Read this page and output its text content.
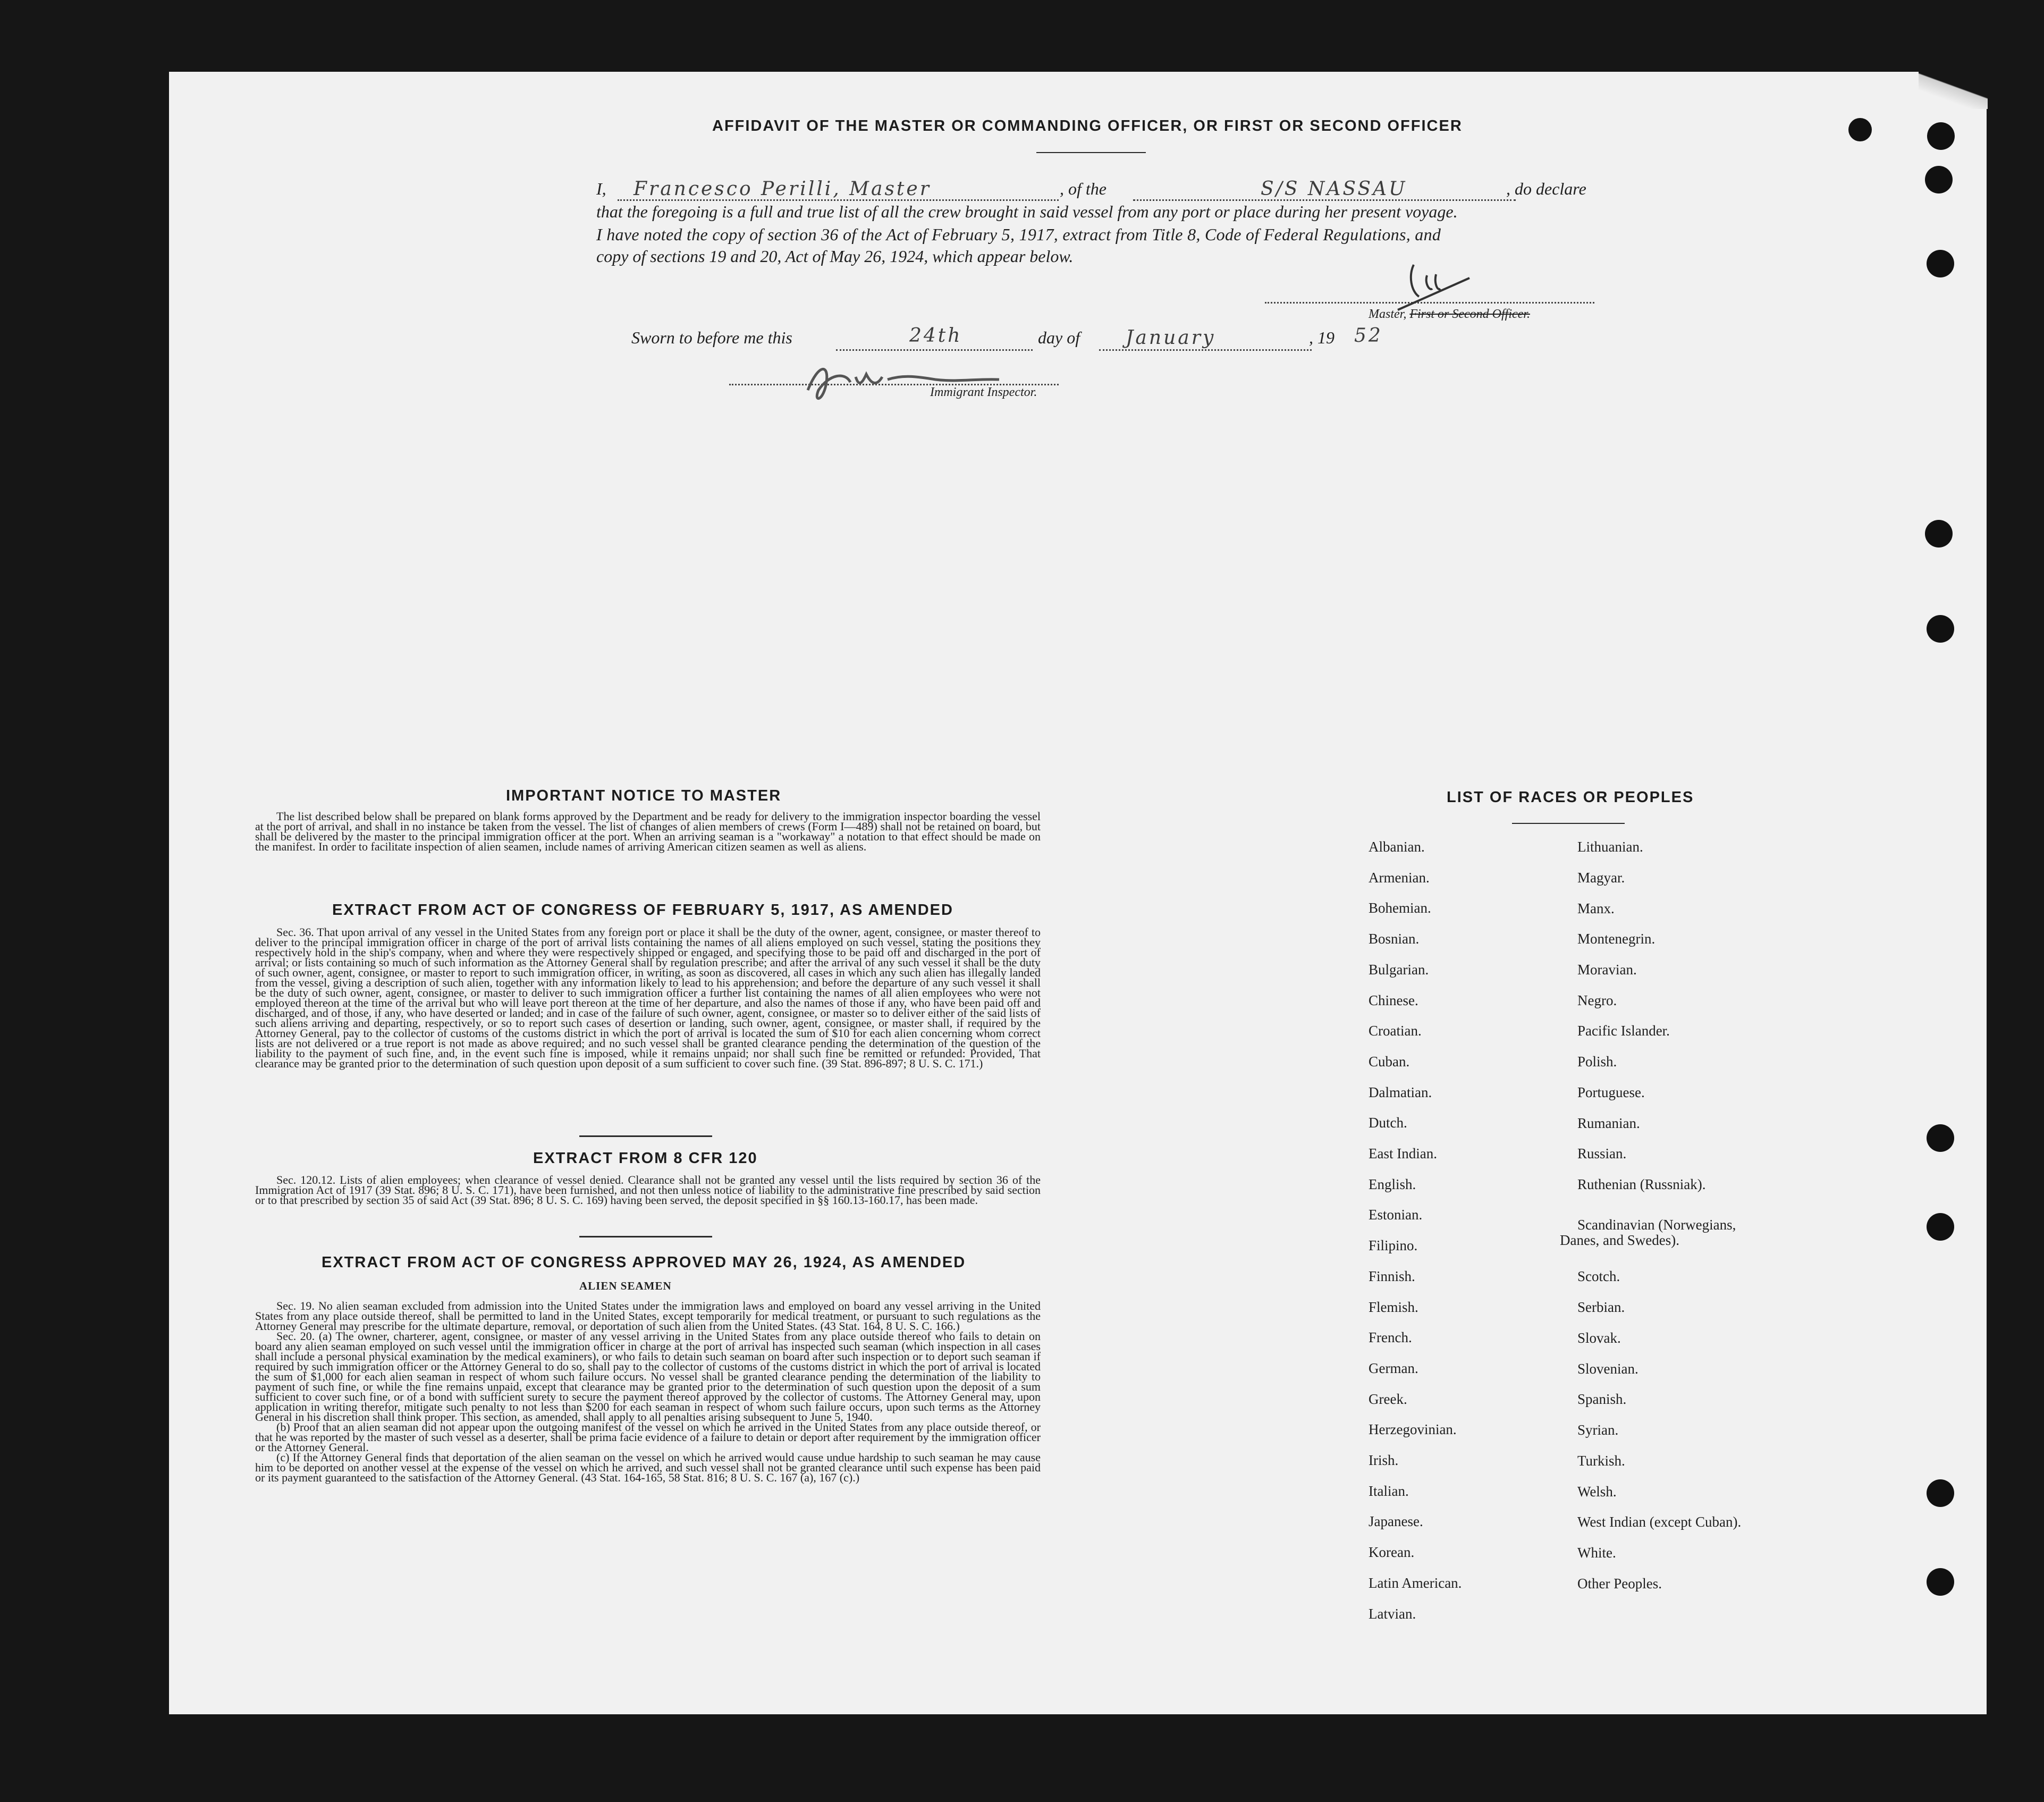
AFFIDAVIT OF THE MASTER OR COMMANDING OFFICER, OR FIRST OR SECOND OFFICER
I, Francesco Perilli, Master	, of the	S/S NASSAU	, do declare
that the foregoing is a full and true list of all the crew brought in said vessel from any port or place during her present voyage.
I have noted the copy of section 36 of the Act of February 5, 1917, extract from Title 8, Code of Federal Regulations, and
copy of sections 19 and 20, Act of May 26, 1924, which appear below.
Master, First or Second Officer.
Sworn to before me this	24th	day of January	, 19 52
Immigrant Inspector.
IMPORTANT NOTICE TO MASTER

The list described below shall be prepared on blank forms approved by the Department and be ready for delivery to the immigration inspector boarding the vessel at the port of arrival, and shall in no instance be taken from the vessel. The list of changes of alien members of crews (Form I—489) shall not be retained on board, but shall be delivered by the master to the principal immigration officer at the port. When an arriving seaman is a "workaway" a notation to that effect should be made on the manifest. In order to facilitate inspection of alien seamen, include names of arriving American citizen seamen as well as aliens.

EXTRACT FROM ACT OF CONGRESS OF FEBRUARY 5, 1917, AS AMENDED

Sec. 36. That upon arrival of any vessel in the United States from any foreign port or place it shall be the duty of the owner, agent, consignee, or master thereof to deliver to the principal immigration officer in charge of the port of arrival lists containing the names of all aliens employed on such vessel, stating the positions they respectively hold in the ship's company, when and where they were respectively shipped or engaged, and specifying those to be paid off and discharged in the port of arrival; or lists containing so much of such information as the Attorney General shall by regulation prescribe; and after the arrival of any such vessel it shall be the duty of such owner, agent, consignee, or master to report to such immigration officer, in writing, as soon as discovered, all cases in which any such alien has illegally landed from the vessel, giving a description of such alien, together with any information likely to lead to his apprehension; and before the departure of any such vessel it shall be the duty of such owner, agent, consignee, or master to deliver to such immigration officer a further list containing the names of all alien employees who were not employed thereon at the time of the arrival but who will leave port thereon at the time of her departure, and also the names of those if any, who have been paid off and discharged, and of those, if any, who have deserted or landed; and in case of the failure of such owner, agent, consignee, or master so to deliver either of the said lists of such aliens arriving and departing, respectively, or so to report such cases of desertion or landing, such owner, agent, consignee, or master shall, if required by the Attorney General, pay to the collector of customs of the customs district in which the port of arrival is located the sum of $10 for each alien concerning whom correct lists are not delivered or a true report is not made as above required; and no such vessel shall be granted clearance pending the determination of the question of the liability to the payment of such fine, and, in the event such fine is imposed, while it remains unpaid; nor shall such fine be remitted or refunded: Provided, That clearance may be granted prior to the determination of such question upon deposit of a sum sufficient to cover such fine. (39 Stat. 896-897; 8 U. S. C. 171.)

EXTRACT FROM 8 CFR 120

Sec. 120.12. Lists of alien employees; when clearance of vessel denied. Clearance shall not be granted any vessel until the lists required by section 36 of the Immigration Act of 1917 (39 Stat. 896; 8 U. S. C. 171), have been furnished, and not then unless notice of liability to the administrative fine prescribed by said section or to that prescribed by section 35 of said Act (39 Stat. 896; 8 U. S. C. 169) having been served, the deposit specified in §§ 160.13-160.17, has been made.

EXTRACT FROM ACT OF CONGRESS APPROVED MAY 26, 1924, AS AMENDED
ALIEN SEAMEN

Sec. 19. No alien seaman excluded from admission into the United States under the immigration laws and employed on board any vessel arriving in the United States from any place outside thereof, shall be permitted to land in the United States, except temporarily for medical treatment, or pursuant to such regulations as the Attorney General may prescribe for the ultimate departure, removal, or deportation of such alien from the United States. (43 Stat. 164, 8 U. S. C. 166.)

Sec. 20. (a) The owner, charterer, agent, consignee, or master of any vessel arriving in the United States from any place outside thereof who fails to detain on board any alien seaman employed on such vessel until the immigration officer in charge at the port of arrival has inspected such seaman (which inspection in all cases shall include a personal physical examination by the medical examiners), or who fails to detain such seaman on board after such inspection or to deport such seaman if required by such immigration officer or the Attorney General to do so, shall pay to the collector of customs of the customs district in which the port of arrival is located the sum of $1,000 for each alien seaman in respect of whom such failure occurs. No vessel shall be granted clearance pending the determination of the liability to payment of such fine, or while the fine remains unpaid, except that clearance may be granted prior to the determination of such question upon the deposit of a sum sufficient to cover such fine, or of a bond with sufficient surety to secure the payment thereof approved by the collector of customs. The Attorney General may, upon application in writing therefor, mitigate such penalty to not less than $200 for each seaman in respect of whom such failure occurs, upon such terms as the Attorney General in his discretion shall think proper. This section, as amended, shall apply to all penalties arising subsequent to June 5, 1940.

(b) Proof that an alien seaman did not appear upon the outgoing manifest of the vessel on which he arrived in the United States from any place outside thereof, or that he was reported by the master of such vessel as a deserter, shall be prima facie evidence of a failure to detain or deport after requirement by the immigration officer or the Attorney General.

(c) If the Attorney General finds that deportation of the alien seaman on the vessel on which he arrived would cause undue hardship to such seaman he may cause him to be deported on another vessel at the expense of the vessel on which he arrived, and such vessel shall not be granted clearance until such expense has been paid or its payment guaranteed to the satisfaction of the Attorney General. (43 Stat. 164-165, 58 Stat. 816; 8 U. S. C. 167 (a), 167 (c).)

LIST OF RACES OR PEOPLES
Albanian.
Armenian.
Bohemian.
Bosnian.
Bulgarian.
Chinese.
Croatian.
Cuban.
Dalmatian.
Dutch.
East Indian.
English.
Estonian.
Filipino.
Finnish.
Flemish.
French.
German.
Greek.
Herzegovinian.
Irish.
Italian.
Japanese.
Korean.
Latin American.
Latvian.
Lithuanian.
Magyar.
Manx.
Montenegrin.
Moravian.
Negro.
Pacific Islander.
Polish.
Portuguese.
Rumanian.
Russian.
Ruthenian (Russniak).
Scandinavian (Norwegians,
Danes, and Swedes).
Scotch.
Serbian.
Slovak.
Slovenian.
Spanish.
Syrian.
Turkish.
Welsh.
West Indian (except Cuban).
White.
Other Peoples.
